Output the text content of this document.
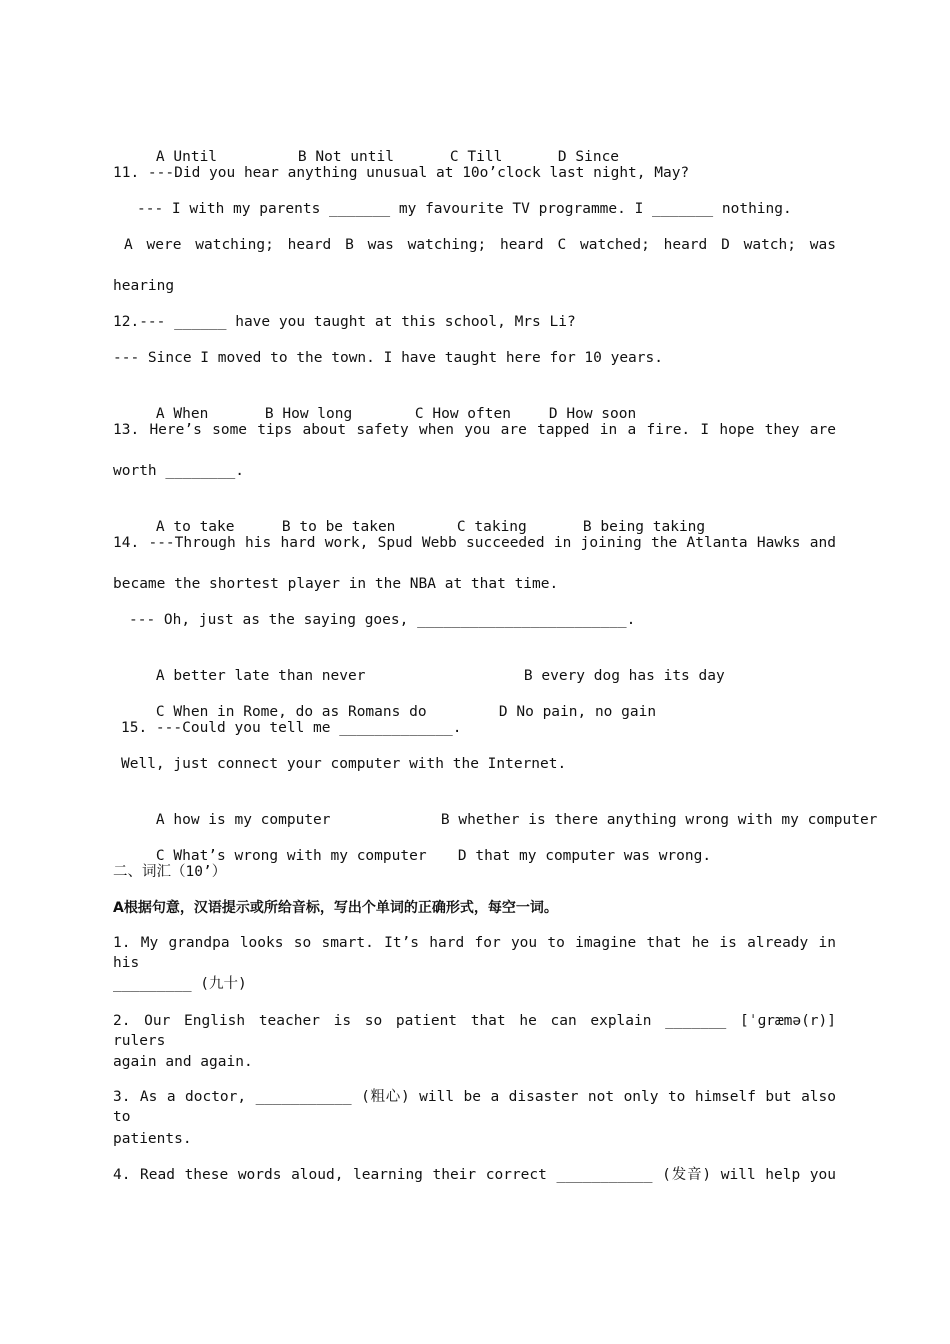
A Until	B Not until	C Till	D Since

11. ---Did you hear anything unusual at 10o’clock last night, May?
--- I with my parents _______ my favourite TV programme. I _______ nothing.
A were watching; heard B was watching; heard C watched; heard D watch; was
hearing
12.--- ______ have you taught at this school, Mrs Li?
--- Since I moved to the town. I have taught here for 10 years.

A When	B How long	C How often	D How soon

13. Here’s some tips about safety when you are tapped in a fire. I hope they are
worth ________.

A to take	B to be taken	C taking	B being taking

14. ---Through his hard work, Spud Webb succeeded in joining the Atlanta Hawks and
became the shortest player in the NBA at that time.
--- Oh, just as the saying goes, ________________________.

A better late than never	B every dog has its day

C When in Rome, do as Romans do	D No pain, no gain

15. ---Could you tell me _____________.
Well, just connect your computer with the Internet.

A how is my computer	B whether is there anything wrong with my computer

C What’s wrong with my computer D that my computer was wrong.

二、词汇（10’）
A根据句意，汉语提示或所给音标，写出个单词的正确形式，每空一词。
1. My grandpa looks so smart. It’s hard for you to imagine that he is already in his
_________ (九十)
2. Our English teacher is so patient that he can explain _______ [ˈɡræmə(r)] rulers
again and again.
3. As a doctor, ___________ (粗心) will be a disaster not only to himself but also to
patients.
4. Read these words aloud, learning their correct ___________ (发音) will help you
